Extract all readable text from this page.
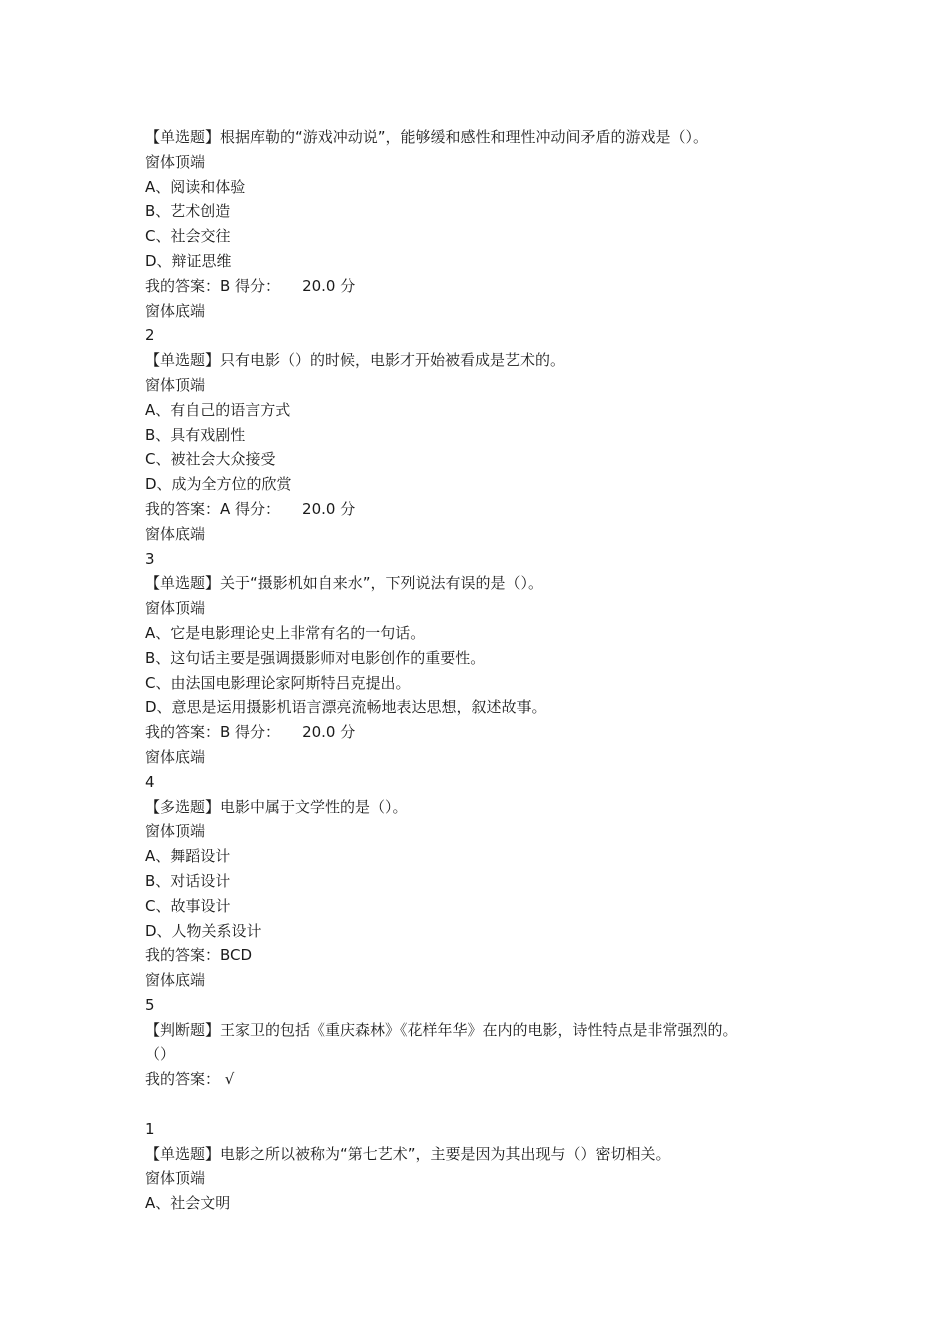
【单选题】根据库勒的“游戏冲动说”，能够缓和感性和理性冲动间矛盾的游戏是（）。
窗体顶端
A、阅读和体验
B、艺术创造
C、社会交往
D、辩证思维
我的答案：B 得分： 20.0 分
窗体底端
2
【单选题】只有电影（）的时候，电影才开始被看成是艺术的。
窗体顶端
A、有自己的语言方式
B、具有戏剧性
C、被社会大众接受
D、成为全方位的欣赏
我的答案：A 得分： 20.0 分
窗体底端
3
【单选题】关于“摄影机如自来水”，下列说法有误的是（）。
窗体顶端
A、它是电影理论史上非常有名的一句话。
B、这句话主要是强调摄影师对电影创作的重要性。
C、由法国电影理论家阿斯特吕克提出。
D、意思是运用摄影机语言漂亮流畅地表达思想，叙述故事。
我的答案：B 得分： 20.0 分
窗体底端
4
【多选题】电影中属于文学性的是（）。
窗体顶端
A、舞蹈设计
B、对话设计
C、故事设计
D、人物关系设计
我的答案：BCD
窗体底端
5
【判断题】王家卫的包括《重庆森林》《花样年华》在内的电影，诗性特点是非常强烈的。
（）
我的答案： √
1
【单选题】电影之所以被称为“第七艺术”，主要是因为其出现与（）密切相关。
窗体顶端
A、社会文明
